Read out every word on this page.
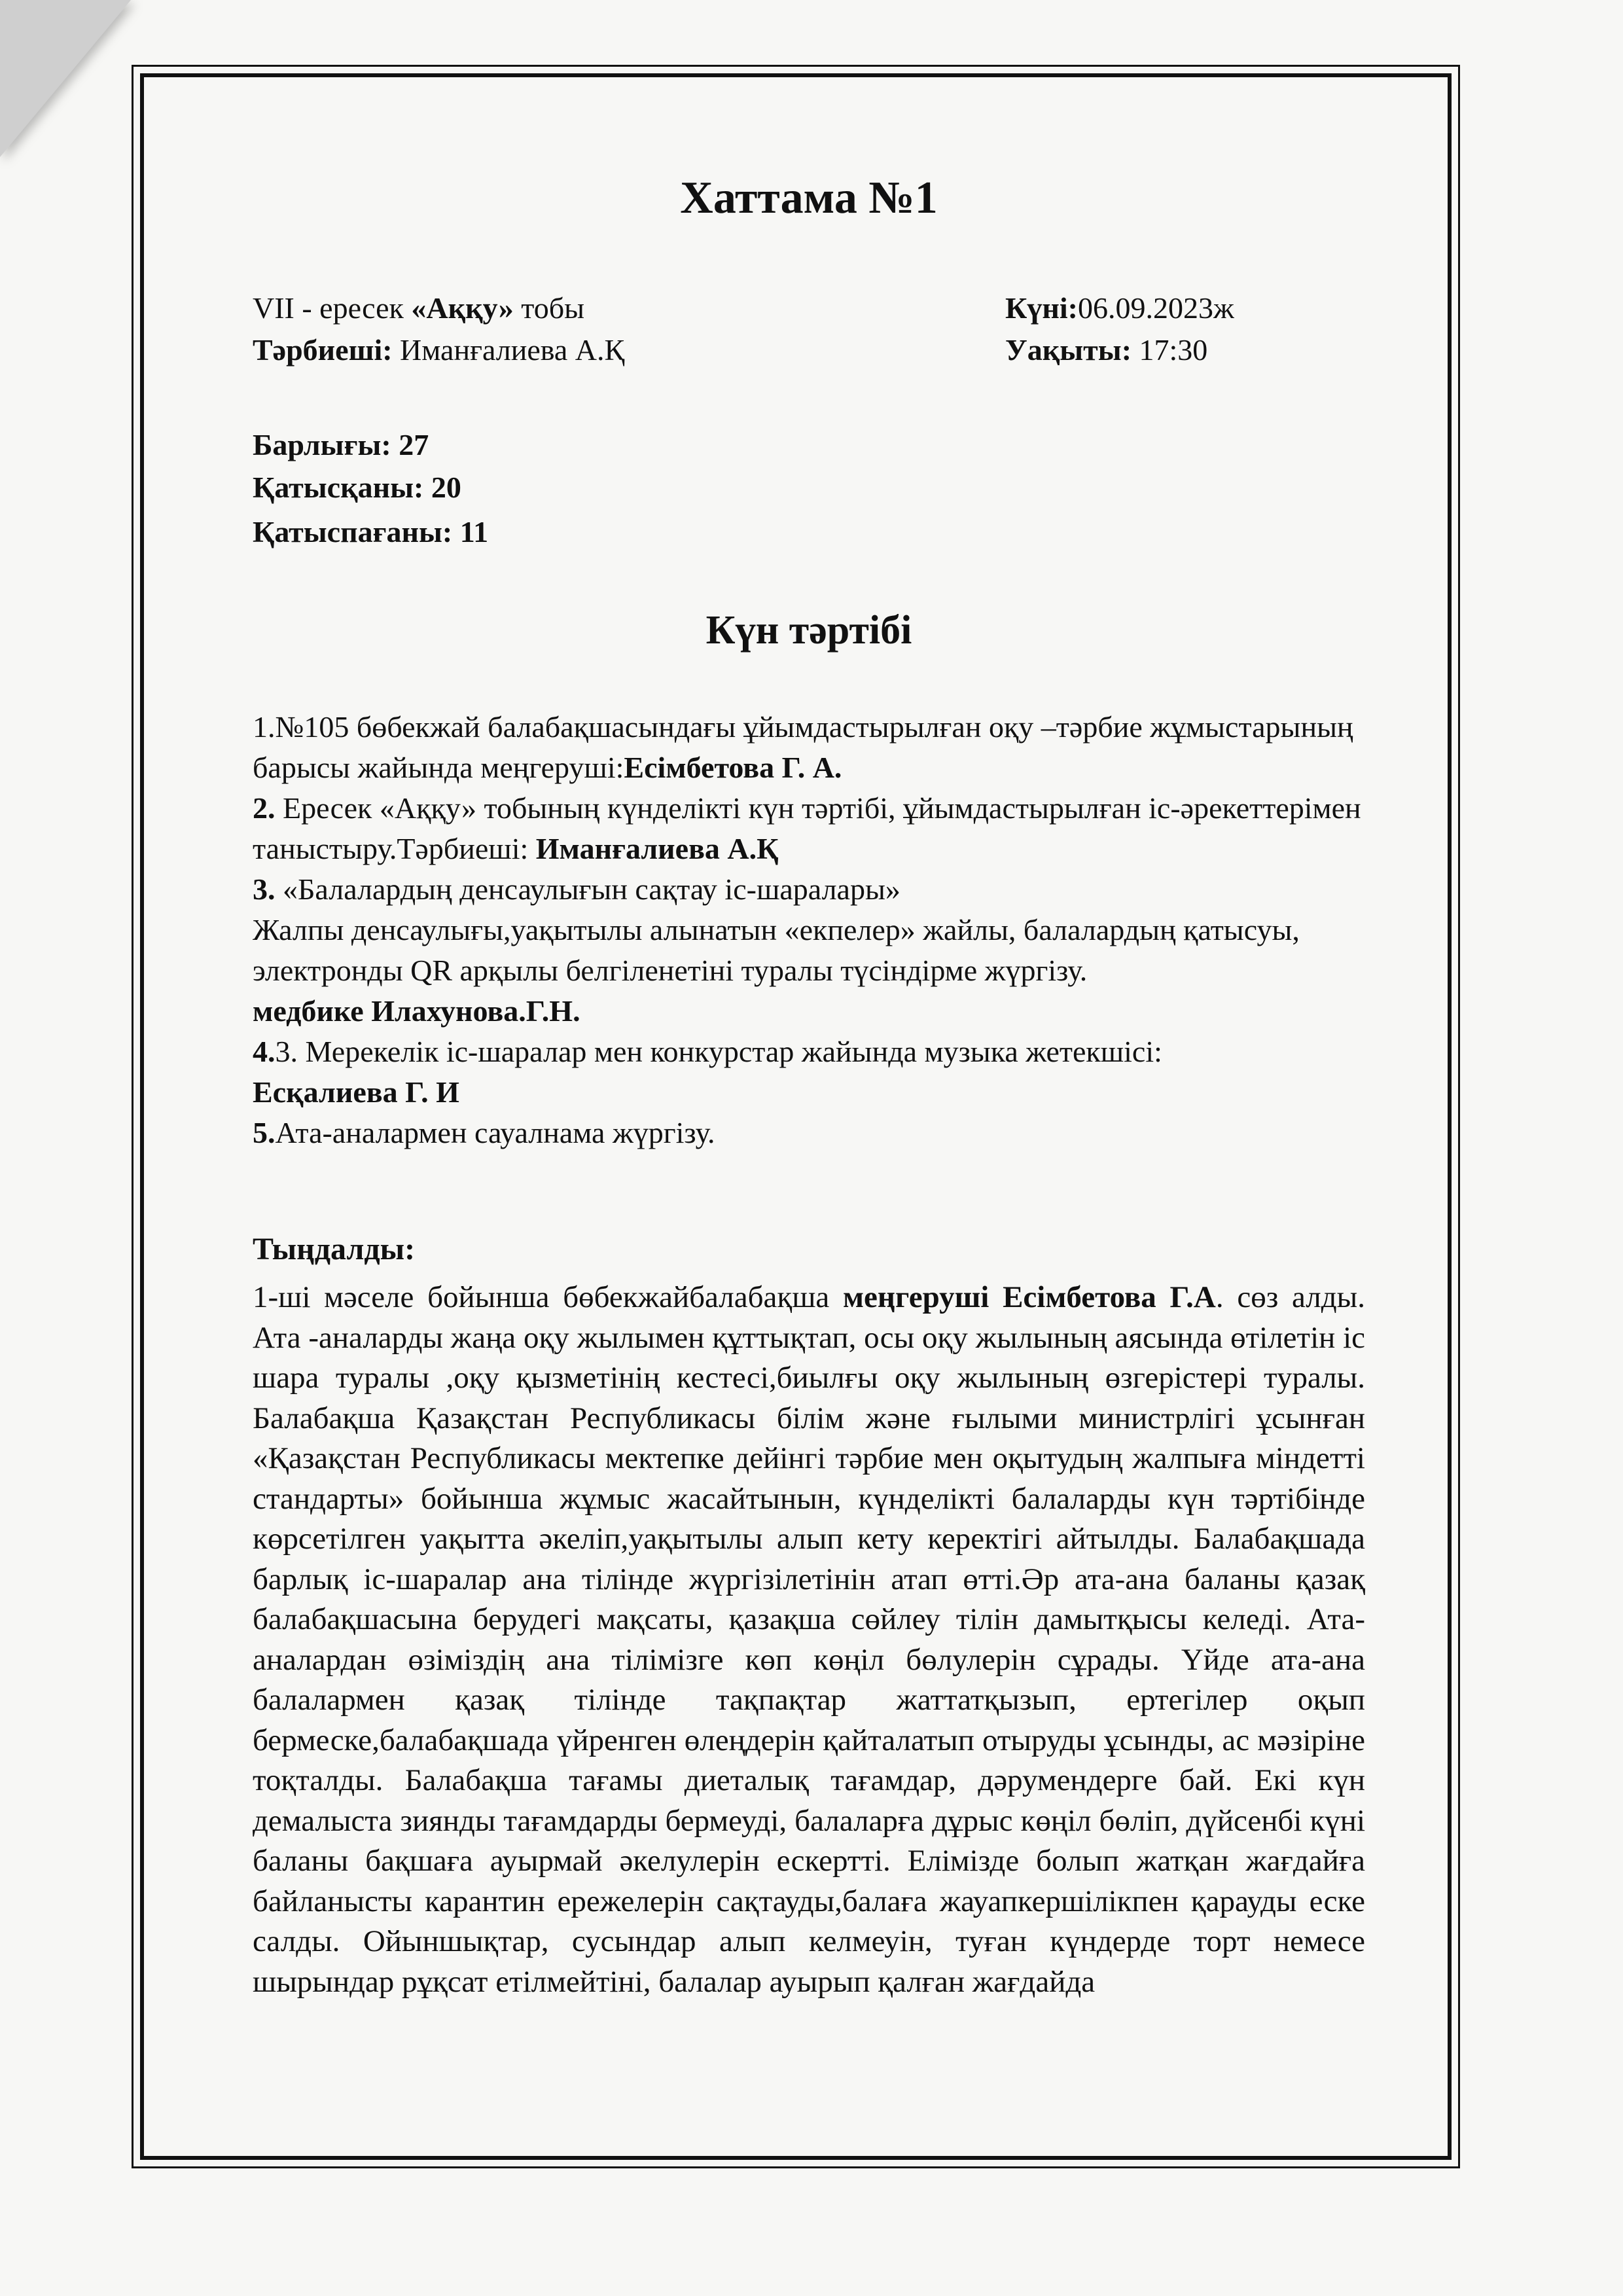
Хаттама №1
VII - ересек «Аққу» тобы	Күні:06.09.2023ж
Тәрбиеші: Иманғалиева А.Қ	Уақыты: 17:30
Барлығы: 27
Қатысқаны: 20
Қатыспағаны: 11
Күн тәртібі

1.№105 бөбекжай балабақшасындағы ұйымдастырылған оқу –тәрбие жұмыстарының барысы жайында меңгеруші:Есімбетова Г. А.

2. Ересек «Аққу» тобының күнделікті күн тәртібі, ұйымдастырылған іс-әрекеттерімен таныстыру.Тәрбиеші: Иманғалиева А.Қ

3. «Балалардың денсаулығын сақтау іс-шаралары»

Жалпы денсаулығы,уақытылы алынатын «екпелер» жайлы, балалардың қатысуы, электронды QR арқылы белгіленетіні туралы түсіндірме жүргізу.

медбике Илахунова.Г.Н.

4.3. Мерекелік іс-шаралар мен конкурстар жайында музыка жетекшісі:

Есқалиева Г. И

5.Ата-аналармен сауалнама жүргізу.

Тыңдалды:

1-ші мәселе бойынша бөбекжайбалабақша меңгеруші Есімбетова Г.А. сөз алды. Ата -аналарды жаңа оқу жылымен құттықтап, осы оқу жылының аясында өтілетін іс шара туралы ,оқу қызметінің кестесі,биылғы оқу жылының өзгерістері туралы. Балабақша Қазақстан Республикасы білім және ғылыми министрлігі ұсынған «Қазақстан Республикасы мектепке дейінгі тәрбие мен оқытудың жалпыға міндетті стандарты» бойынша жұмыс жасайтынын, күнделікті балаларды күн тәртібінде көрсетілген уақытта әкеліп,уақытылы алып кету керектігі айтылды. Балабақшада барлық іс-шаралар ана тілінде жүргізілетінін атап өтті.Әр ата-ана баланы қазақ балабақшасына берудегі мақсаты, қазақша сөйлеу тілін дамытқысы келеді. Ата-аналардан өзіміздің ана тілімізге көп көңіл бөлулерін сұрады. Үйде ата-ана балалармен қазақ тілінде тақпақтар жаттатқызып, ертегілер оқып бермеске,балабақшада үйренген өлеңдерін қайталатып отыруды ұсынды, ас мәзіріне тоқталды. Балабақша тағамы диеталық тағамдар, дәрумендерге бай. Екі күн демалыста зиянды тағамдарды бермеуді, балаларға дұрыс көңіл бөліп, дүйсенбі күні баланы бақшаға ауырмай әкелулерін ескертті. Елімізде болып жатқан жағдайға байланысты карантин ережелерін сақтауды,балаға жауапкершілікпен қарауды еске салды. Ойыншықтар, сусындар алып келмеуін, туған күндерде торт немесе шырындар рұқсат етілмейтіні, балалар ауырып қалған жағдайда
